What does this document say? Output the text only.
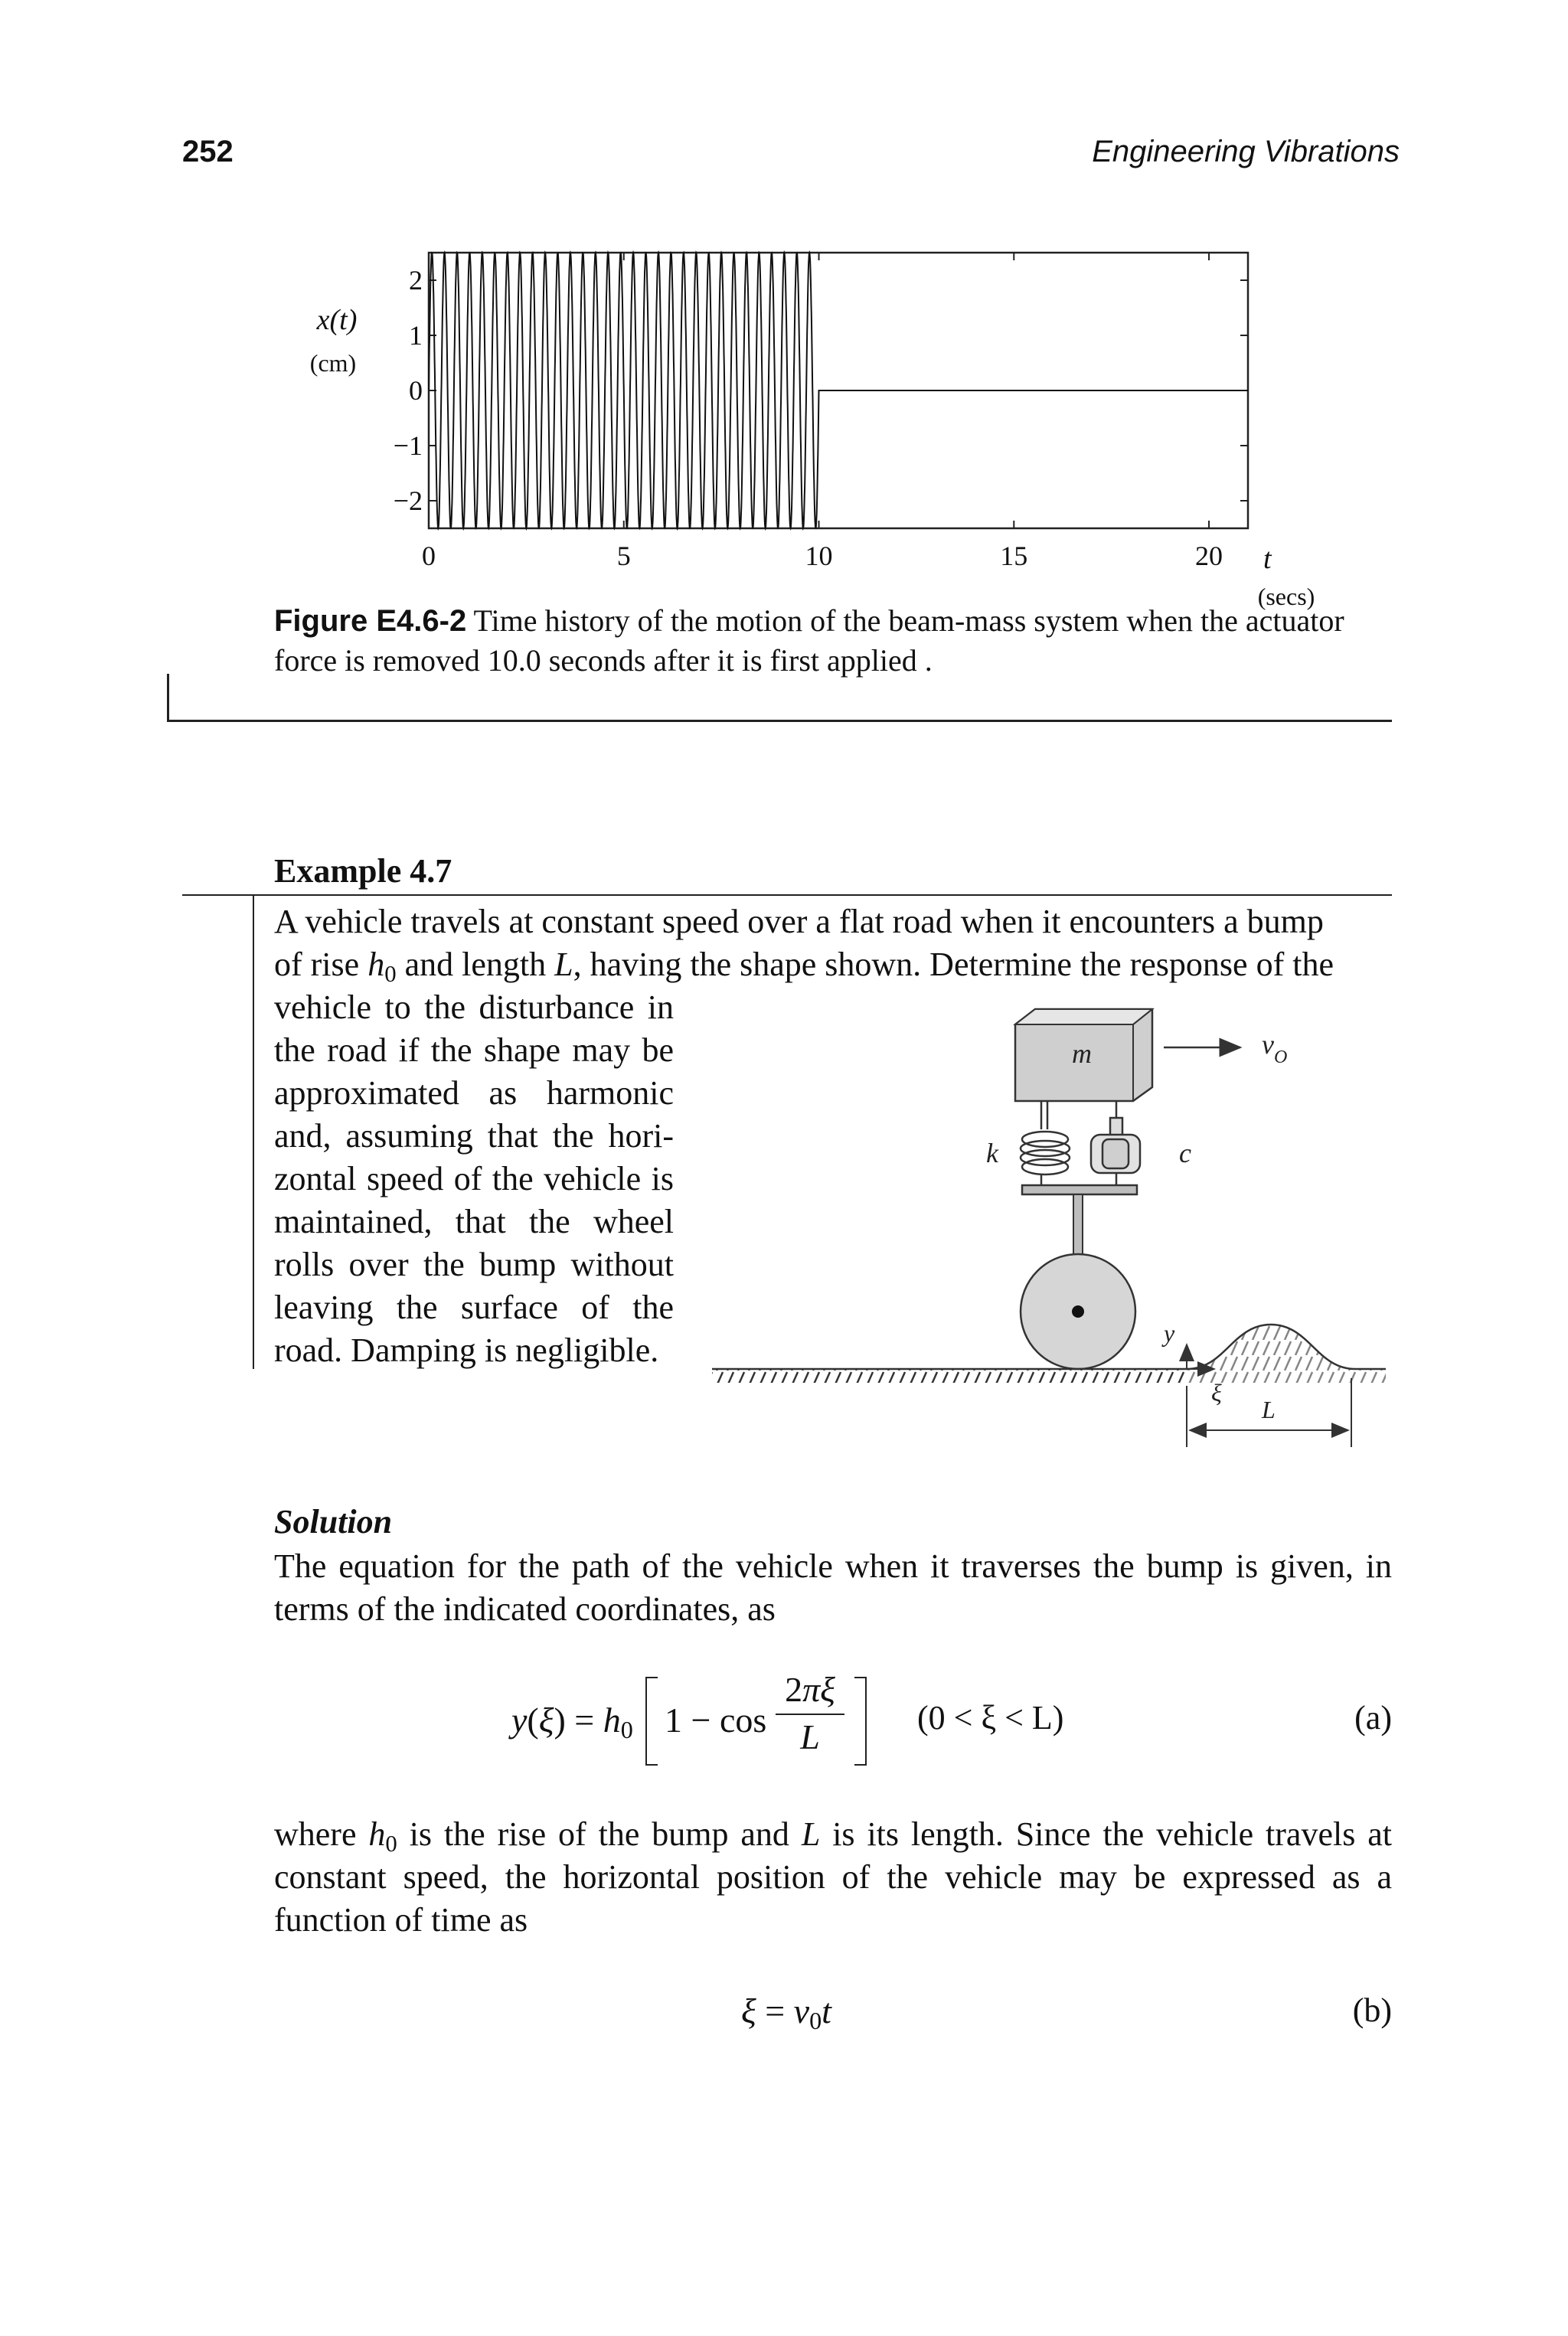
252	Engineering Vibrations
0	5	10	15	20
2
1
0
−1
−2
x(t)
(cm)
t
(secs)
Figure E4.6-2 Time history of the motion of the beam-mass system when the actuator force is removed 10.0 seconds after it is first applied .
Example 4.7
A vehicle travels at constant speed over a flat road when it encounters a bump
of rise $h_0$ and length L, having the shape shown. Determine the response of the
vehicle to the disturbance in the road if the shape may be approximated as harmonic and, assuming that the hori-zontal speed of the vehicle is maintained, that the wheel rolls over the bump without leaving the surface of the road. Damping is negligible.
m	$v_O$
k	c
y
ξ
L
Solution
The equation for the path of the vehicle when it traverses the bump is given, in terms of the indicated coordinates, as
$y(\xi) = h_0$ 1 − cos
2πξ
L	(0 < ξ < L)	(a)
where $h_0$ is the rise of the bump and L is its length. Since the vehicle travels at constant speed, the horizontal position of the vehicle may be expressed as a function of time as
$\xi = v_0t$	(b)
